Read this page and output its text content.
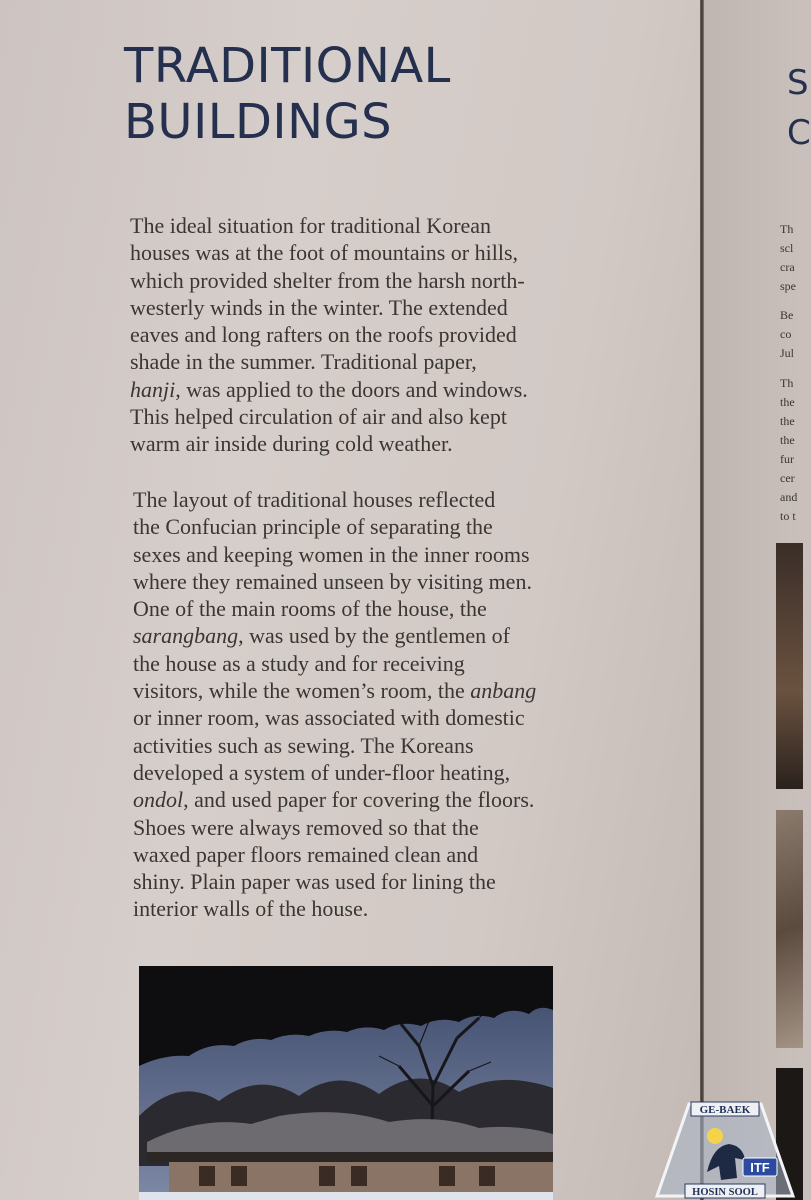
TRADITIONAL
BUILDINGS
The ideal situation for traditional Korean
houses was at the foot of mountains or hills,
which provided shelter from the harsh north-
westerly winds in the winter. The extended
eaves and long rafters on the roofs provided
shade in the summer. Traditional paper,
hanji, was applied to the doors and windows.
This helped circulation of air and also kept
warm air inside during cold weather.
The layout of traditional houses reflected
the Confucian principle of separating the
sexes and keeping women in the inner rooms
where they remained unseen by visiting men.
One of the main rooms of the house, the
sarangbang, was used by the gentlemen of
the house as a study and for receiving
visitors, while the women’s room, the anbang
or inner room, was associated with domestic
activities such as sewing. The Koreans
developed a system of under-floor heating,
ondol, and used paper for covering the floors.
Shoes were always removed so that the
waxed paper floors remained clean and
shiny. Plain paper was used for lining the
interior walls of the house.
S
C
Th
scl
cra
spe
Be
co
Jul
Th
the
the
the
fur
cer
and
to t
GE-BAEK
ITF
HOSIN SOOL
